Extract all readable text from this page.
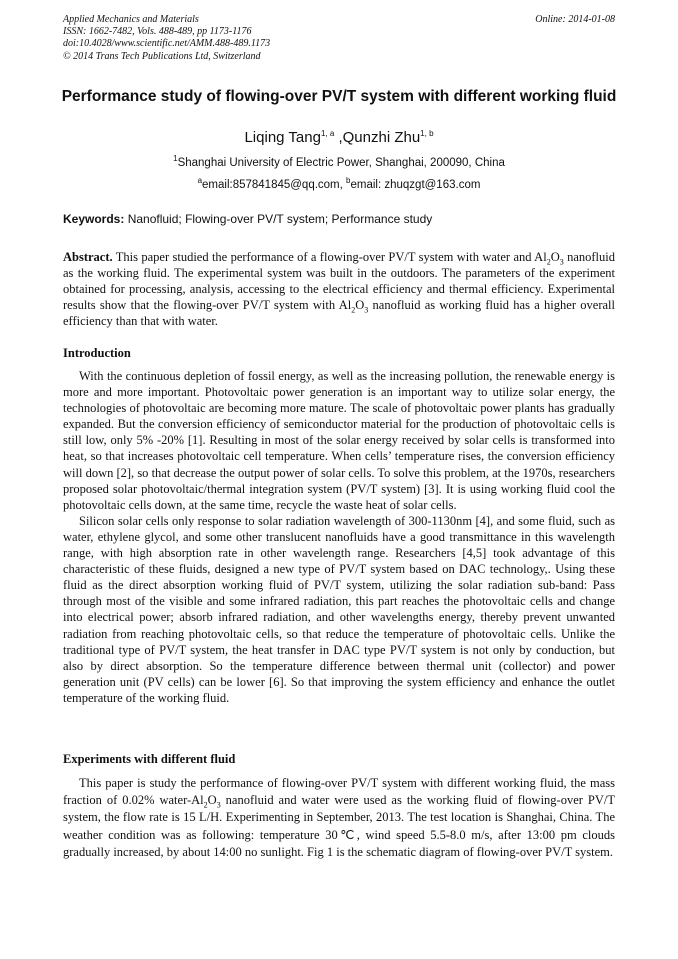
Applied Mechanics and Materials
ISSN: 1662-7482, Vols. 488-489, pp 1173-1176
doi:10.4028/www.scientific.net/AMM.488-489.1173
© 2014 Trans Tech Publications Ltd, Switzerland
Online: 2014-01-08
Performance study of flowing-over PV/T system with different working fluid
Liqing Tang$^{1, a}$ ,Qunzhi Zhu$^{1, b}$
$^1$Shanghai University of Electric Power, Shanghai, 200090, China
$^a$email:857841845@qq.com, $^b$email: zhuqzgt@163.com
Keywords: Nanofluid; Flowing-over PV/T system; Performance study

Abstract. This paper studied the performance of a flowing-over PV/T system with water and $Al_2O_3$ nanofluid as the working fluid. The experimental system was built in the outdoors. The parameters of the experiment obtained for processing, analysis, accessing to the electrical efficiency and thermal efficiency. Experimental results show that the flowing-over PV/T system with $Al_2O_3$ nanofluid as working fluid has a higher overall efficiency than that with water.

Introduction

With the continuous depletion of fossil energy, as well as the increasing pollution, the renewable energy is more and more important. Photovoltaic power generation is an important way to utilize solar energy, the technologies of photovoltaic are becoming more mature. The scale of photovoltaic power plants has gradually expanded. But the conversion efficiency of semiconductor material for the production of photovoltaic cells is still low, only 5% -20% [1]. Resulting in most of the solar energy received by solar cells is transformed into heat, so that increases photovoltaic cell temperature. When cells’ temperature rises, the conversion efficiency will down [2], so that decrease the output power of solar cells. To solve this problem, at the 1970s, researchers proposed solar photovoltaic/thermal integration system (PV/T system) [3]. It is using working fluid cool the photovoltaic cells down, at the same time, recycle the waste heat of solar cells.

Silicon solar cells only response to solar radiation wavelength of 300-1130nm [4], and some fluid, such as water, ethylene glycol, and some other translucent nanofluids have a good transmittance in this wavelength range, with high absorption rate in other wavelength range. Researchers [4,5] took advantage of this characteristic of these fluids, designed a new type of PV/T system based on DAC technology,. Using these fluid as the direct absorption working fluid of PV/T system, utilizing the solar radiation sub-band: Pass through most of the visible and some infrared radiation, this part reaches the photovoltaic cells and change into electrical power; absorb infrared radiation, and other wavelengths energy, thereby prevent unwanted radiation from reaching photovoltaic cells, so that reduce the temperature of photovoltaic cells. Unlike the traditional type of PV/T system, the heat transfer in DAC type PV/T system is not only by conduction, but also by direct absorption. So the temperature difference between thermal unit (collector) and power generation unit (PV cells) can be lower [6]. So that improving the system efficiency and enhance the outlet temperature of the working fluid.

Experiments with different fluid

This paper is study the performance of flowing-over PV/T system with different working fluid, the mass fraction of 0.02% water-$Al_2O_3$ nanofluid and water were used as the working fluid of flowing-over PV/T system, the flow rate is 15 L/H. Experimenting in September, 2013. The test location is Shanghai, China. The weather condition was as following: temperature 30℃, wind speed 5.5-8.0 m/s, after 13:00 pm clouds gradually increased, by about 14:00 no sunlight. Fig 1 is the schematic diagram of flowing-over PV/T system.
